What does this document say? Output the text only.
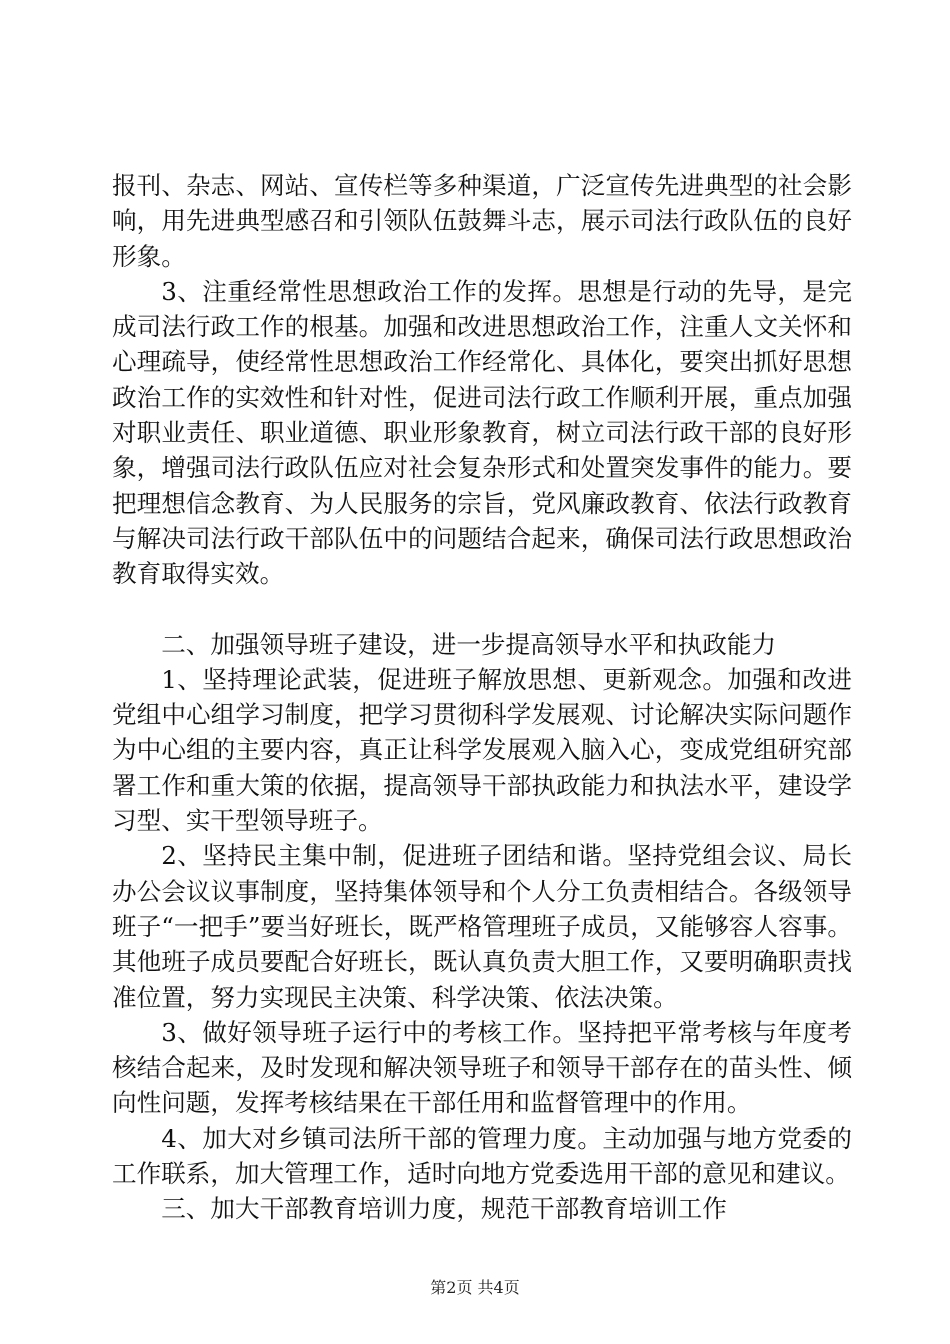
报刊、杂志、网站、宣传栏等多种渠道，广泛宣传先进典型的社会影响，用先进典型感召和引领队伍鼓舞斗志，展示司法行政队伍的良好形象。

3、注重经常性思想政治工作的发挥。思想是行动的先导，是完成司法行政工作的根基。加强和改进思想政治工作，注重人文关怀和心理疏导，使经常性思想政治工作经常化、具体化，要突出抓好思想政治工作的实效性和针对性，促进司法行政工作顺利开展，重点加强对职业责任、职业道德、职业形象教育，树立司法行政干部的良好形象，增强司法行政队伍应对社会复杂形式和处置突发事件的能力。要把理想信念教育、为人民服务的宗旨，党风廉政教育、依法行政教育与解决司法行政干部队伍中的问题结合起来，确保司法行政思想政治教育取得实效。

二、加强领导班子建设，进一步提高领导水平和执政能力

1、坚持理论武装，促进班子解放思想、更新观念。加强和改进党组中心组学习制度，把学习贯彻科学发展观、讨论解决实际问题作为中心组的主要内容，真正让科学发展观入脑入心，变成党组研究部署工作和重大策的依据，提高领导干部执政能力和执法水平，建设学习型、实干型领导班子。

2、坚持民主集中制，促进班子团结和谐。坚持党组会议、局长办公会议议事制度，坚持集体领导和个人分工负责相结合。各级领导班子“一把手”要当好班长，既严格管理班子成员，又能够容人容事。其他班子成员要配合好班长，既认真负责大胆工作，又要明确职责找准位置，努力实现民主决策、科学决策、依法决策。

3、做好领导班子运行中的考核工作。坚持把平常考核与年度考核结合起来，及时发现和解决领导班子和领导干部存在的苗头性、倾向性问题，发挥考核结果在干部任用和监督管理中的作用。

4、加大对乡镇司法所干部的管理力度。主动加强与地方党委的工作联系，加大管理工作，适时向地方党委选用干部的意见和建议。

三、加大干部教育培训力度，规范干部教育培训工作

第2页 共4页
